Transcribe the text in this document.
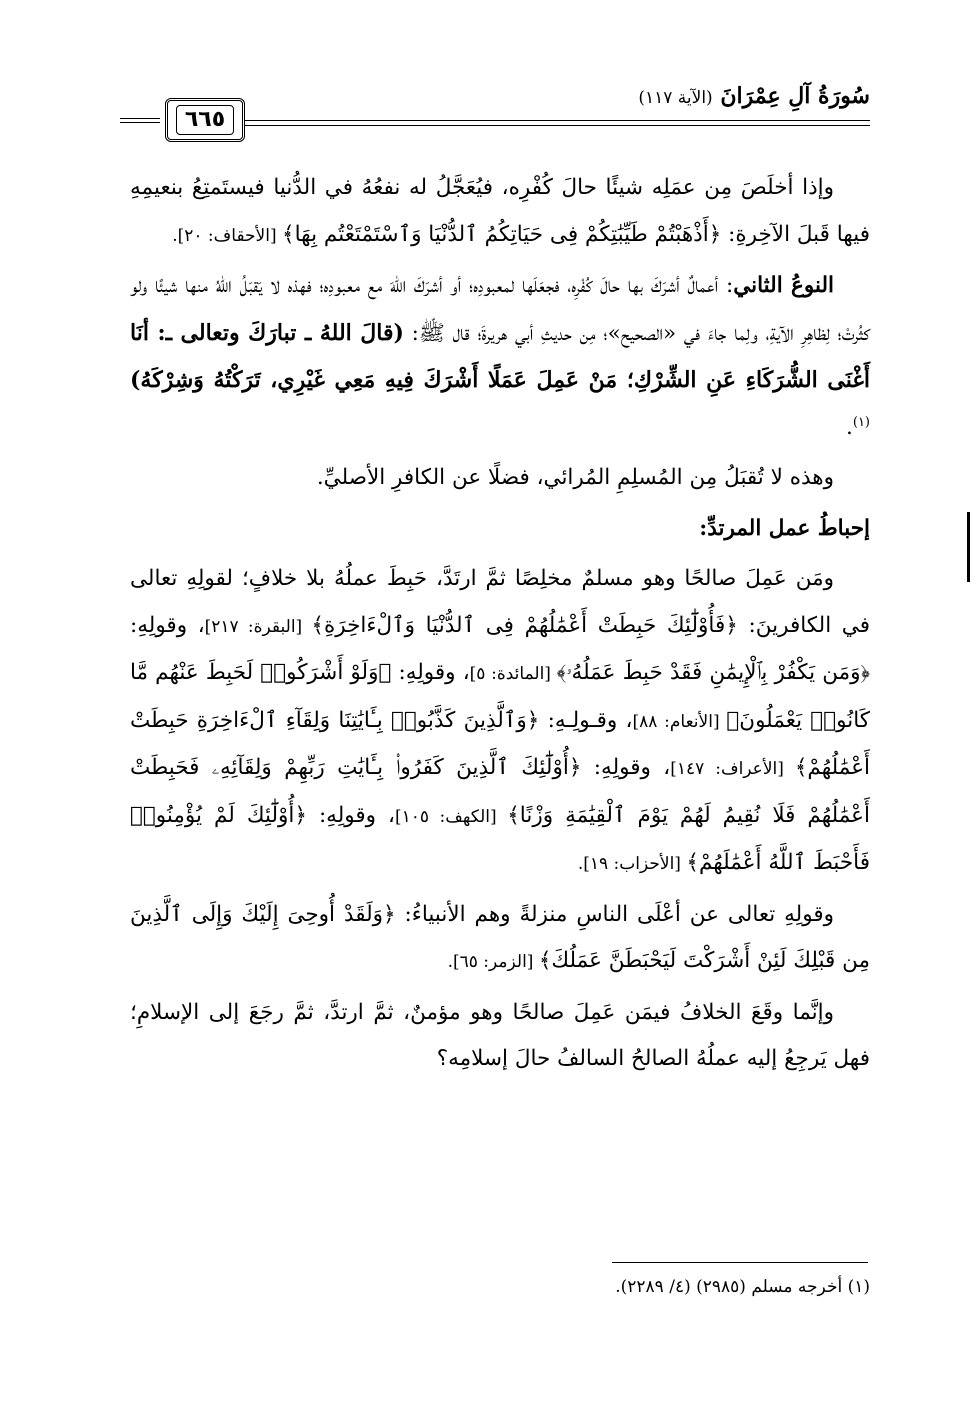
٦٦٥
سُورَةُ آلِ عِمْرَانَ (الآية ١١٧)

وإذا أخلَصَ مِن عمَلِه شيئًا حالَ كُفْرِه، فيُعَجَّلُ له نفعُهُ في الدُّنيا فيستَمتِعُ بنعيمِهِ فيها قَبلَ الآخِرةِ: ﴿أَذْهَبْتُمْ طَيِّبَٰتِكُمْ فِى حَيَاتِكُمُ ٱلدُّنْيَا وَٱسْتَمْتَعْتُم بِهَا﴾ [الأحقاف: ٢٠].

النوعُ الثاني: أعمالٌ أشرَكَ بها حالَ كُفْرِه، فجعَلَها لمعبودِه؛ أو أشرَكَ اللهَ مع معبودِه؛ فهذه لا يَقبَلُ اللهُ منها شيئًا ولو كثُرتْ؛ لِظاهِرِ الآيةِ، ولِما جاءَ في «الصحيح»؛ مِن حديثِ أبي هريرةَ؛ قال ﷺ: (قالَ اللهُ ـ تبارَكَ وتعالى ـ: أنَا أَغْنَى الشُّرَكَاءِ عَنِ الشِّرْكِ؛ مَنْ عَمِلَ عَمَلًا أَشْرَكَ فِيهِ مَعِي غَيْرِي، تَرَكْتُهُ وَشِرْكَهُ)$^{(١)}$.

وهذه لا تُقبَلُ مِن المُسلِمِ المُرائي، فضلًا عن الكافرِ الأصليِّ.

إحباطُ عمل المرتدِّ:

ومَن عَمِلَ صالحًا وهو مسلمٌ مخلِصًا ثمَّ ارتَدَّ، حَبِطَ عملُهُ بلا خلافٍ؛ لقولِهِ تعالى في الكافرينَ: ﴿فَأُوْلَٰٓئِكَ حَبِطَتْ أَعْمَٰلُهُمْ فِى ٱلدُّنْيَا وَٱلْءَاخِرَةِ﴾ [البقرة: ٢١٧]، وقولِهِ: ﴿وَمَن يَكْفُرْ بِٱلْإِيمَٰنِ فَقَدْ حَبِطَ عَمَلُهُۥ﴾ [المائدة: ٥]، وقولِهِ: ﴿وَلَوْ أَشْرَكُوا۟ لَحَبِطَ عَنْهُم مَّا كَانُوا۟ يَعْمَلُونَ﴾ [الأنعام: ٨٨]، وقـولِـهِ: ﴿وَٱلَّذِينَ كَذَّبُوا۟ بِـَٔايَٰتِنَا وَلِقَآءِ ٱلْءَاخِرَةِ حَبِطَتْ أَعْمَٰلُهُمْ﴾ [الأعراف: ١٤٧]، وقولِهِ: ﴿أُوْلَٰٓئِكَ ٱلَّذِينَ كَفَرُوا۟ بِـَٔايَٰتِ رَبِّهِمْ وَلِقَآئِهِۦ فَحَبِطَتْ أَعْمَٰلُهُمْ فَلَا نُقِيمُ لَهُمْ يَوْمَ ٱلْقِيَٰمَةِ وَزْنًا﴾ [الكهف: ١٠٥]، وقولِهِ: ﴿أُوْلَٰٓئِكَ لَمْ يُؤْمِنُوا۟ فَأَحْبَطَ ٱللَّهُ أَعْمَٰلَهُمْ﴾ [الأحزاب: ١٩].

وقولِهِ تعالى عن أعْلَى الناسِ منزلةً وهم الأنبياءُ: ﴿وَلَقَدْ أُوحِىَ إِلَيْكَ وَإِلَى ٱلَّذِينَ مِن قَبْلِكَ لَئِنْ أَشْرَكْتَ لَيَحْبَطَنَّ عَمَلُكَ﴾ [الزمر: ٦٥].

وإنَّما وقَعَ الخلافُ فيمَن عَمِلَ صالحًا وهو مؤمنٌ، ثمَّ ارتدَّ، ثمَّ رجَعَ إلى الإسلامِ؛ فهل يَرجِعُ إليه عملُهُ الصالحُ السالفُ حالَ إسلامِه؟

(١) أخرجه مسلم (٢٩٨٥) (٤/ ٢٢٨٩).
